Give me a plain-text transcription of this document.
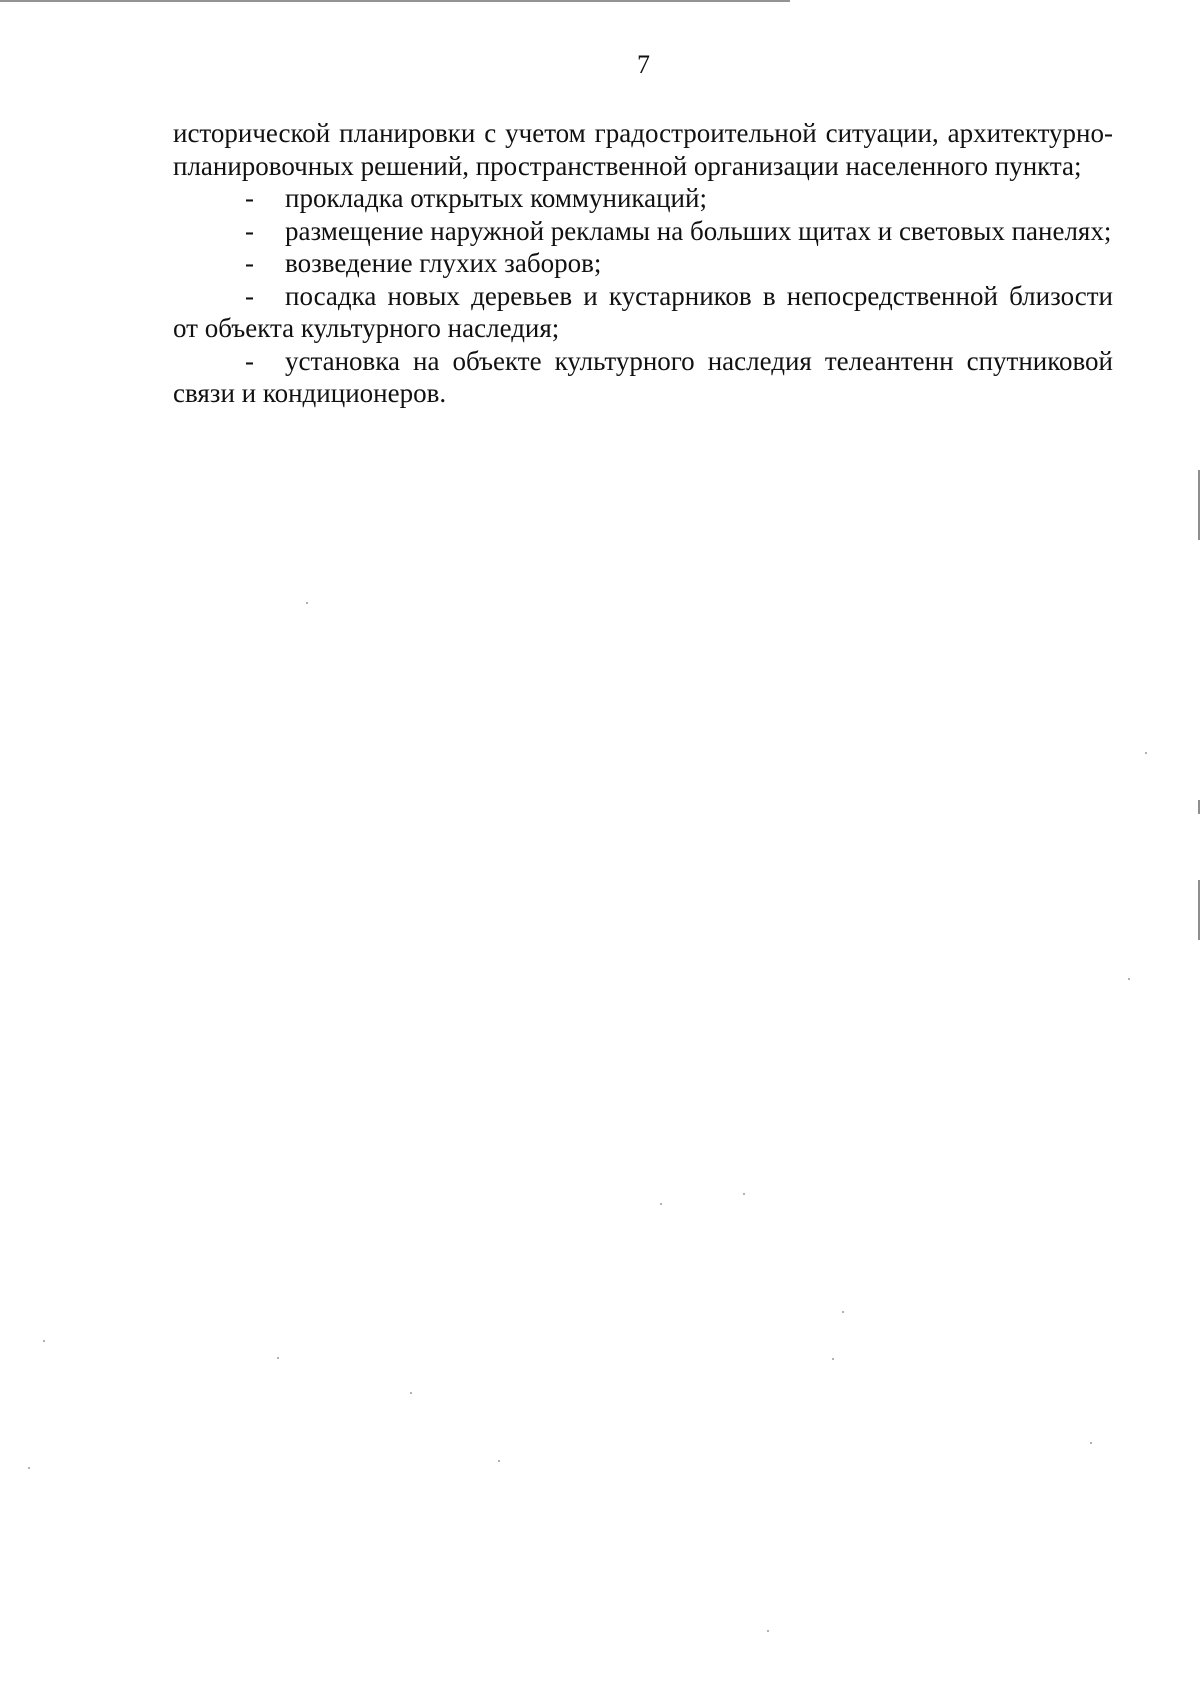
7

исторической планировки с учетом градостроительной ситуации, архитектурно-планировочных решений, пространственной организации населенного пункта;

- прокладка открытых коммуникаций;

- размещение наружной рекламы на больших щитах и световых панелях;

- возведение глухих заборов;

- посадка новых деревьев и кустарников в непосредственной близости от объекта культурного наследия;

- установка на объекте культурного наследия телеантенн спутниковой связи и кондиционеров.
